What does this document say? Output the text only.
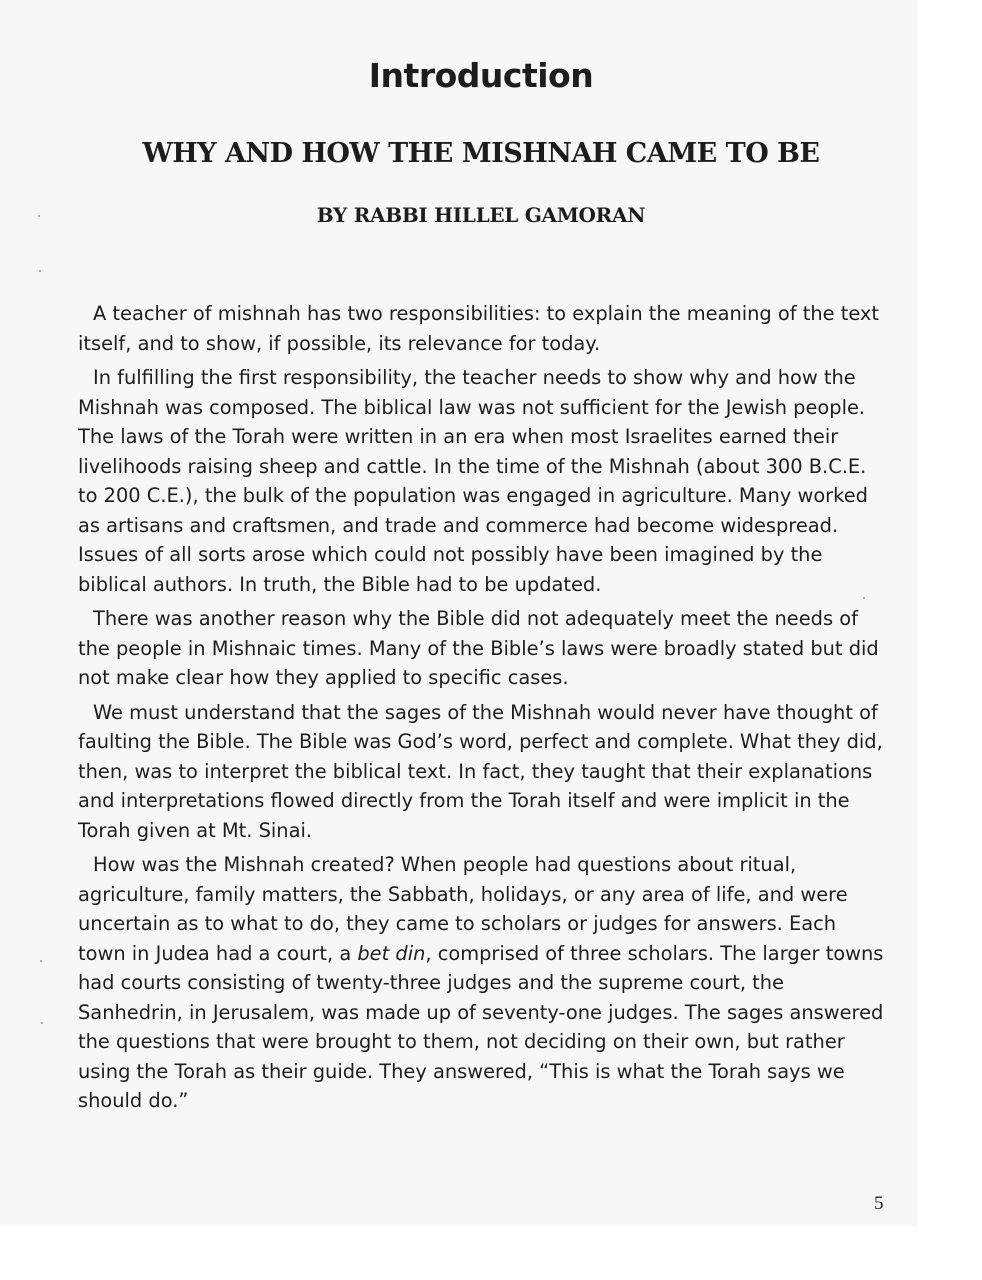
Introduction
WHY AND HOW THE MISHNAH CAME TO BE
BY RABBI HILLEL GAMORAN

A teacher of mishnah has two responsibilities: to explain the meaning of the text itself, and to show, if possible, its relevance for today.

In fulfilling the first responsibility, the teacher needs to show why and how the Mishnah was composed. The biblical law was not sufficient for the Jewish people. The laws of the Torah were written in an era when most Israelites earned their livelihoods raising sheep and cattle. In the time of the Mishnah (about 300 B.C.E. to 200 C.E.), the bulk of the population was engaged in agriculture. Many worked as artisans and craftsmen, and trade and commerce had become widespread. Issues of all sorts arose which could not possibly have been imagined by the biblical authors. In truth, the Bible had to be updated.

There was another reason why the Bible did not adequately meet the needs of the people in Mishnaic times. Many of the Bible’s laws were broadly stated but did not make clear how they applied to specific cases.

We must understand that the sages of the Mishnah would never have thought of faulting the Bible. The Bible was God’s word, perfect and complete. What they did, then, was to interpret the biblical text. In fact, they taught that their explanations and interpretations flowed directly from the Torah itself and were implicit in the Torah given at Mt. Sinai.

How was the Mishnah created? When people had questions about ritual, agriculture, family matters, the Sabbath, holidays, or any area of life, and were uncertain as to what to do, they came to scholars or judges for answers. Each town in Judea had a court, a bet din, comprised of three scholars. The larger towns had courts consisting of twenty-three judges and the supreme court, the Sanhedrin, in Jerusalem, was made up of seventy-one judges. The sages answered the questions that were brought to them, not deciding on their own, but rather using the Torah as their guide. They answered, “This is what the Torah says we should do.”

5
